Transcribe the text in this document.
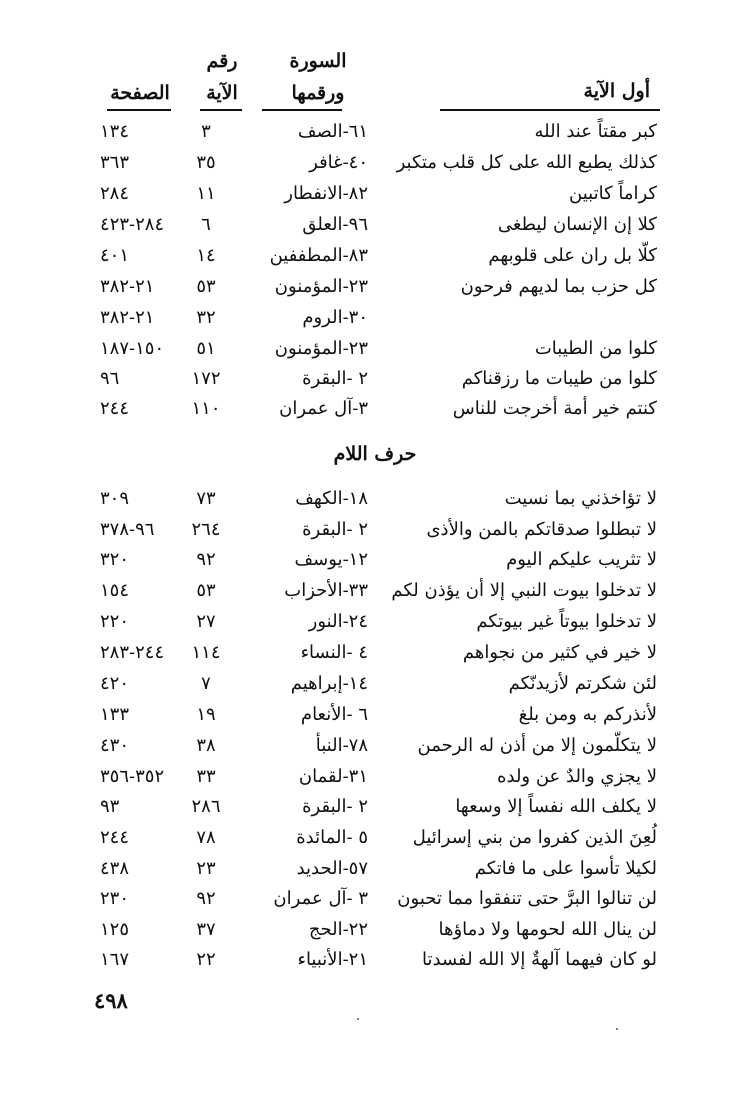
أول الآية
السورة
ورقمها
رقم
الآية
الصفحة
كبر مقتاً عند الله
٦١-الصف
٣
١٣٤
كذلك يطبع الله على كل قلب متكبر
٤٠-غافر
٣٥
٣٦٣
كراماً كاتبين
٨٢-الانفطار
١١
٢٨٤
كلا إن الإنسان ليطغى
٩٦-العلق
٦
٢٨٤-٤٢٣
كلّا بل ران على قلوبهم
٨٣-المطففين
١٤
٤٠١
كل حزب بما لديهم فرحون
٢٣-المؤمنون
٥٣
٢١-٣٨٢
٣٠-الروم
٣٢
٢١-٣٨٢
كلوا من الطيبات
٢٣-المؤمنون
٥١
١٥٠-١٨٧
كلوا من طيبات ما رزقناكم
٢ -البقرة
١٧٢
٩٦
كنتم خير أمة أخرجت للناس
٣-آل عمران
١١٠
٢٤٤
حرف اللام
لا تؤاخذني بما نسيت
١٨-الكهف
٧٣
٣٠٩
لا تبطلوا صدقاتكم بالمن والأذى
٢ -البقرة
٢٦٤
٩٦-٣٧٨
لا تثريب عليكم اليوم
١٢-يوسف
٩٢
٣٢٠
لا تدخلوا بيوت النبي إلا أن يؤذن لكم
٣٣-الأحزاب
٥٣
١٥٤
لا تدخلوا بيوتاً غير بيوتكم
٢٤-النور
٢٧
٢٢٠
لا خير في كثير من نجواهم
٤ -النساء
١١٤
٢٤٤-٢٨٣
لئن شكرتم لأزيدنّكم
١٤-إبراهيم
٧
٤٢٠
لأنذركم به ومن بلغ
٦ -الأنعام
١٩
١٣٣
لا يتكلّمون إلا من أذن له الرحمن
٧٨-النبأ
٣٨
٤٣٠
لا يجزي والدٌ عن ولده
٣١-لقمان
٣٣
٣٥٢-٣٥٦
لا يكلف الله نفساً إلا وسعها
٢ -البقرة
٢٨٦
٩٣
لُعِنَ الذين كفروا من بني إسرائيل
٥ -المائدة
٧٨
٢٤٤
لكيلا تأسوا على ما فاتكم
٥٧-الحديد
٢٣
٤٣٨
لن تنالوا البرَّ حتى تنفقوا مما تحبون
٣ -آل عمران
٩٢
٢٣٠
لن ينال الله لحومها ولا دماؤها
٢٢-الحج
٣٧
١٢٥
لو كان فيهما آلهةٌ إلا الله لفسدتا
٢١-الأنبياء
٢٢
١٦٧
٤٩٨
